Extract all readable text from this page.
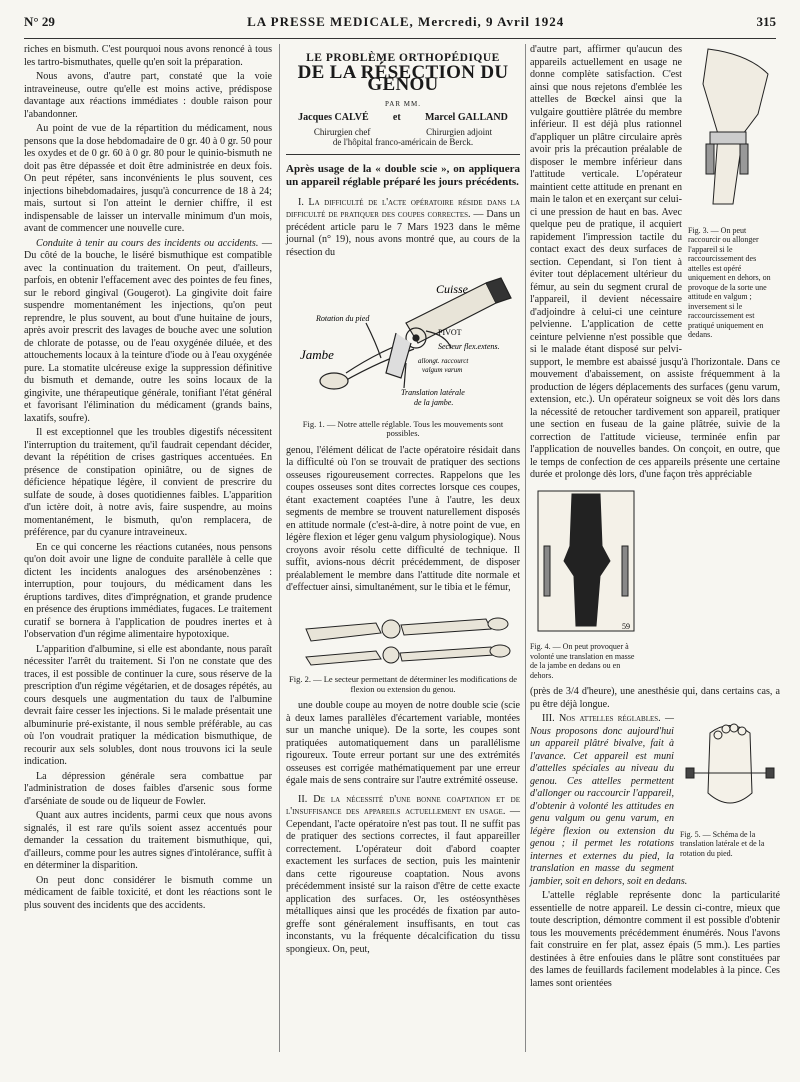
N° 29	LA PRESSE MEDICALE, Mercredi, 9 Avril 1924	315

riches en bismuth. C'est pourquoi nous avons renoncé à tous les tartro-bismuthates, quelle qu'en soit la préparation.

Nous avons, d'autre part, constaté que la voie intraveineuse, outre qu'elle est moins active, prédispose davantage aux réactions immédiates : double raison pour l'abandonner.

Au point de vue de la répartition du médicament, nous pensons que la dose hebdomadaire de 0 gr. 40 à 0 gr. 50 pour les oxydes et de 0 gr. 60 à 0 gr. 80 pour le quinio-bismuth ne doit pas être dépassée et doit être administrée en deux fois. On peut répéter, sans inconvénients le plus souvent, ces injections bihebdomadaires, jusqu'à concurrence de 18 à 24; mais, surtout si l'on atteint le dernier chiffre, il est indispensable de laisser un intervalle minimum d'un mois, avant de commencer une nouvelle cure.

Conduite à tenir au cours des incidents ou accidents. — Du côté de la bouche, le liséré bismuthique est compatible avec la continuation du traitement. On peut, d'ailleurs, parfois, en obtenir l'effacement avec des pointes de feu fines, sur le rebord gingival (Gougerot). La gingivite doit faire suspendre momentanément les injections, qu'on peut reprendre, le plus souvent, au bout d'une huitaine de jours, après avoir prescrit des lavages de bouche avec une solution de chlorate de potasse, ou de l'eau oxygénée diluée, et des attouchements locaux à la teinture d'iode ou à l'eau oxygénée pure. La stomatite ulcéreuse exige la suppression définitive du bismuth et demande, outre les soins locaux de la gingivite, une thérapeutique générale, tonifiant l'état général et favorisant l'élimination du médicament (grands bains, laxatifs, soufre).

Il est exceptionnel que les troubles digestifs nécessitent l'interruption du traitement, qu'il faudrait cependant décider, devant la répétition de crises gastriques accentuées. En présence de constipation opiniâtre, ou de signes de déficience hépatique légère, il convient de prescrire du sulfate de soude, à doses quotidiennes faibles. L'apparition d'un ictère doit, à notre avis, faire suspendre, au moins momentanément, le bismuth, qu'on remplacera, de préférence, par du cyanure intraveineux.

En ce qui concerne les réactions cutanées, nous pensons qu'on doit avoir une ligne de conduite parallèle à celle que dictent les incidents analogues des arsénobenzènes : interruption, pour toujours, du médicament dans les éruptions tardives, dites d'imprégnation, et grande prudence en présence des éruptions immédiates, fugaces. Le traitement curatif se bornera à l'application de poudres inertes et à l'observation d'un régime alimentaire hypotoxique.

L'apparition d'albumine, si elle est abondante, nous paraît nécessiter l'arrêt du traitement. Si l'on ne constate que des traces, il est possible de continuer la cure, sous réserve de la prescription d'un régime végétarien, et de dosages répétés, au cours desquels une augmentation du taux de l'albumine devrait faire cesser les injections. Si le malade présentait une albuminurie pré-existante, il nous semble préférable, au cas où l'on voudrait pratiquer la médication bismuthique, de recourir aux sels solubles, dont nous trouvons ici la seule indication.

La dépression générale sera combattue par l'administration de doses faibles d'arsenic sous forme d'arséniate de soude ou de liqueur de Fowler.

Quant aux autres incidents, parmi ceux que nous avons signalés, il est rare qu'ils soient assez accentués pour demander la cessation du traitement bismuthique, qui, d'ailleurs, comme pour les autres signes d'intolérance, suffit à en déterminer la disparition.

On peut donc considérer le bismuth comme un médicament de faible toxicité, et dont les réactions sont le plus souvent des incidents que des accidents.

LE PROBLÈME ORTHOPÉDIQUE
DE LA RÉSECTION DU GENOU
PAR MM.
Jacques CALVÉ et Marcel GALLAND
Chirurgien chef	Chirurgien adjoint
de l'hôpital franco-américain de Berck.

Après usage de la « double scie », on appliquera un appareil réglable préparé les jours précédents.

I. La difficulté de l'acte opératoire réside dans la difficulté de pratiquer des coupes correctes. — Dans un précédent article paru le 7 Mars 1923 dans le même journal (n° 19), nous avons montré que, au cours de la résection du

Cuisse
Rotation du pied
PIVOT
Secteur flex.extens.
Jambe	allongt. raccourct
valgum varum
Translation latérale
de la jambe.
Fig. 1. — Notre attelle réglable. Tous les mouvements sont possibles.

genou, l'élément délicat de l'acte opératoire résidait dans la difficulté où l'on se trouvait de pratiquer des sections osseuses rigoureusement correctes. Rappelons que les coupes osseuses sont dites correctes lorsque ces coupes, étant exactement coaptées l'une à l'autre, les deux segments de membre se trouvent naturellement disposés en attitude normale (c'est-à-dire, à notre point de vue, en légère flexion et léger genu valgum physiologique). Nous croyons avoir résolu cette difficulté de technique. Il suffit, avions-nous décrit précédemment, de disposer préalablement le membre dans l'attitude dite normale et d'effectuer ainsi, simultanément, sur le tibia et le fémur,

Fig. 2. — Le secteur permettant de déterminer les modifications de flexion ou extension du genou.

une double coupe au moyen de notre double scie (scie à deux lames parallèles d'écartement variable, montées sur un manche unique). De la sorte, les coupes sont pratiquées automatiquement dans un parallélisme rigoureux. Toute erreur portant sur une des extrémités osseuses est corrigée mathématiquement par une erreur égale mais de sens contraire sur l'autre extrémité osseuse.

II. De la nécessité d'une bonne coaptation et de l'insuffisance des appareils actuellement en usage. — Cependant, l'acte opératoire n'est pas tout. Il ne suffit pas de pratiquer des sections correctes, il faut appareiller correctement. L'opérateur doit d'abord coapter exactement les surfaces de section, puis les maintenir dans cette rigoureuse coaptation. Nous avons précédemment insisté sur la raison d'être de cette exacte application des surfaces. Or, les ostéosynthèses métalliques ainsi que les procédés de fixation par auto-greffe sont généralement insuffisants, en tout cas inconstants, vu la fréquente décalcification du tissu spongieux. On, peut,

Fig. 3. — On peut raccourcir ou allonger l'appareil si le raccourcissement des attelles est opéré uniquement en dehors, on provoque de la sorte une attitude en valgum ; inversement si le raccourcissement est pratiqué uniquement en dedans.

d'autre part, affirmer qu'aucun des appareils actuellement en usage ne donne complète satisfaction. C'est ainsi que nous rejetons d'emblée les attelles de Bœckel ainsi que la vulgaire gouttière plâtrée du membre inférieur. Il est déjà plus rationnel d'appliquer un plâtre circulaire après avoir pris la précaution préalable de disposer le membre inférieur dans l'attitude verticale. L'opérateur maintient cette attitude en prenant en main le talon et en exerçant sur celui-ci une pression de haut en bas. Avec quelque peu de pratique, il acquiert rapidement l'impression tactile du contact exact des deux surfaces de section. Cependant, si l'on tient à éviter tout déplacement ultérieur du fémur, au sein du segment crural de l'appareil, il devient nécessaire d'adjoindre à celui-ci une ceinture pelvienne. L'application de cette ceinture pelvienne n'est possible que si le malade étant disposé sur pelvi-support, le membre est abaissé jusqu'à l'horizontale. Dans ce mouvement d'abaissement, on assiste fréquemment à la production de légers déplacements des surfaces (genu varum, extension, etc.). Un opérateur soigneux se voit dès lors dans la nécessité de retoucher tardivement son appareil, pratiquer une section en fuseau de la gaine plâtrée, suivie de la correction de l'attitude vicieuse, terminée enfin par l'application de nouvelles bandes. On conçoit, en outre, que le temps de confection de ces appareils présente une certaine durée et prolonge dès lors, d'une façon très appréciable

59
Fig. 4. — On peut provoquer à volonté une translation en masse de la jambe en dedans ou en dehors.

(près de 3/4 d'heure), une anesthésie qui, dans certains cas, a pu être déjà longue.

Fig. 5. — Schéma de la translation latérale et de la rotation du pied.

III. Nos attelles réglables. — Nous proposons donc aujourd'hui un appareil plâtré bivalve, fait à l'avance. Cet appareil est muni d'attelles spéciales au niveau du genou. Ces attelles permettent d'allonger ou raccourcir l'appareil, d'obtenir à volonté les attitudes en genu valgum ou genu varum, en légère flexion ou extension du genou ; il permet les rotations internes et externes du pied, la translation en masse du segment jambier, soit en dehors, soit en dedans.

L'attelle réglable représente donc la particularité essentielle de notre appareil. Le dessin ci-contre, mieux que toute description, démontre comment il est possible d'obtenir tous les mouvements précédemment énumérés. Nous l'avons fait construire en fer plat, assez épais (5 mm.). Les parties destinées à être enfouies dans le plâtre sont constituées par des lames de feuillards facilement modelables à la pince. Ces lames sont orientées
